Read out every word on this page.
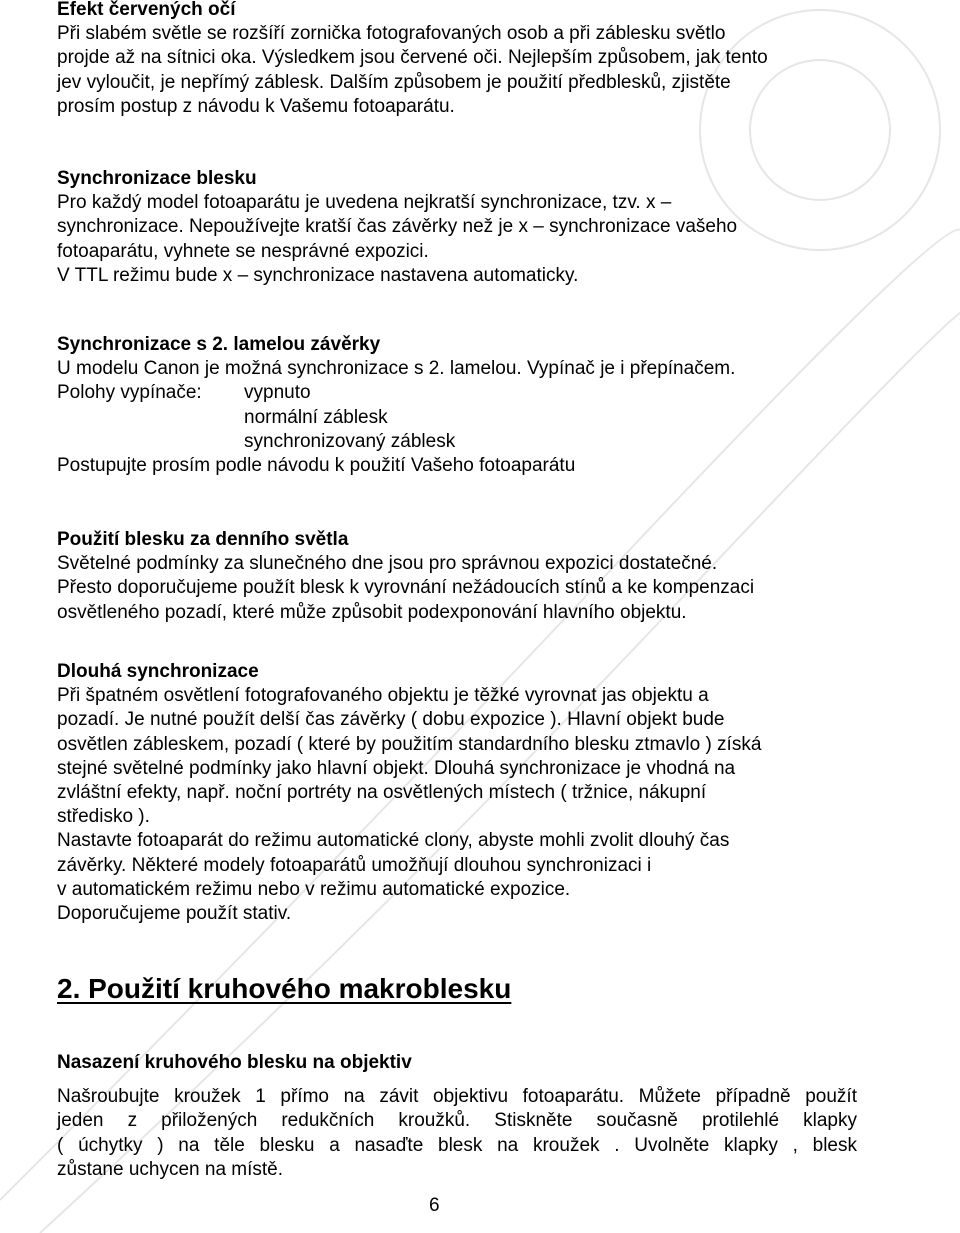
Efekt červených očí
Při slabém světle se rozšíří zornička fotografovaných osob a při záblesku světlo
projde až na sítnici oka. Výsledkem jsou červené oči. Nejlepším způsobem, jak tento
jev vyloučit, je nepřímý záblesk. Dalším způsobem je použití předblesků, zjistěte
prosím postup z návodu k Vašemu fotoaparátu.
Synchronizace blesku
Pro každý model fotoaparátu je uvedena nejkratší synchronizace, tzv. x –
synchronizace. Nepoužívejte kratší čas závěrky než je x – synchronizace vašeho
fotoaparátu, vyhnete se nesprávné expozici.
V TTL režimu bude x – synchronizace nastavena automaticky.
Synchronizace s 2. lamelou závěrky
U modelu Canon je možná synchronizace s 2. lamelou. Vypínač je i přepínačem.
Polohy vypínače: vypnuto
normální záblesk
synchronizovaný záblesk
Postupujte prosím podle návodu k použití Vašeho fotoaparátu
Použití blesku za denního světla
Světelné podmínky za slunečného dne jsou pro správnou expozici dostatečné.
Přesto doporučujeme použít blesk k vyrovnání nežádoucích stínů a ke kompenzaci
osvětleného pozadí, které může způsobit podexponování hlavního objektu.
Dlouhá synchronizace
Při špatném osvětlení fotografovaného objektu je těžké vyrovnat jas objektu a
pozadí. Je nutné použít delší čas závěrky ( dobu expozice ). Hlavní objekt bude
osvětlen zábleskem, pozadí ( které by použitím standardního blesku ztmavlo ) získá
stejné světelné podmínky jako hlavní objekt. Dlouhá synchronizace je vhodná na
zvláštní efekty, např. noční portréty na osvětlených místech ( tržnice, nákupní
středisko ).
Nastavte fotoaparát do režimu automatické clony, abyste mohli zvolit dlouhý čas
závěrky. Některé modely fotoaparátů umožňují dlouhou synchronizaci i
v automatickém režimu nebo v režimu automatické expozice.
Doporučujeme použít stativ.
2. Použití kruhového makroblesku
Nasazení kruhového blesku na objektiv
Našroubujte kroužek 1 přímo na závit objektivu fotoaparátu. Můžete případně použít
jeden z přiložených redukčních kroužků. Stiskněte současně protilehlé klapky
( úchytky ) na těle blesku a nasaďte blesk na kroužek . Uvolněte klapky , blesk
zůstane uchycen na místě.
6
